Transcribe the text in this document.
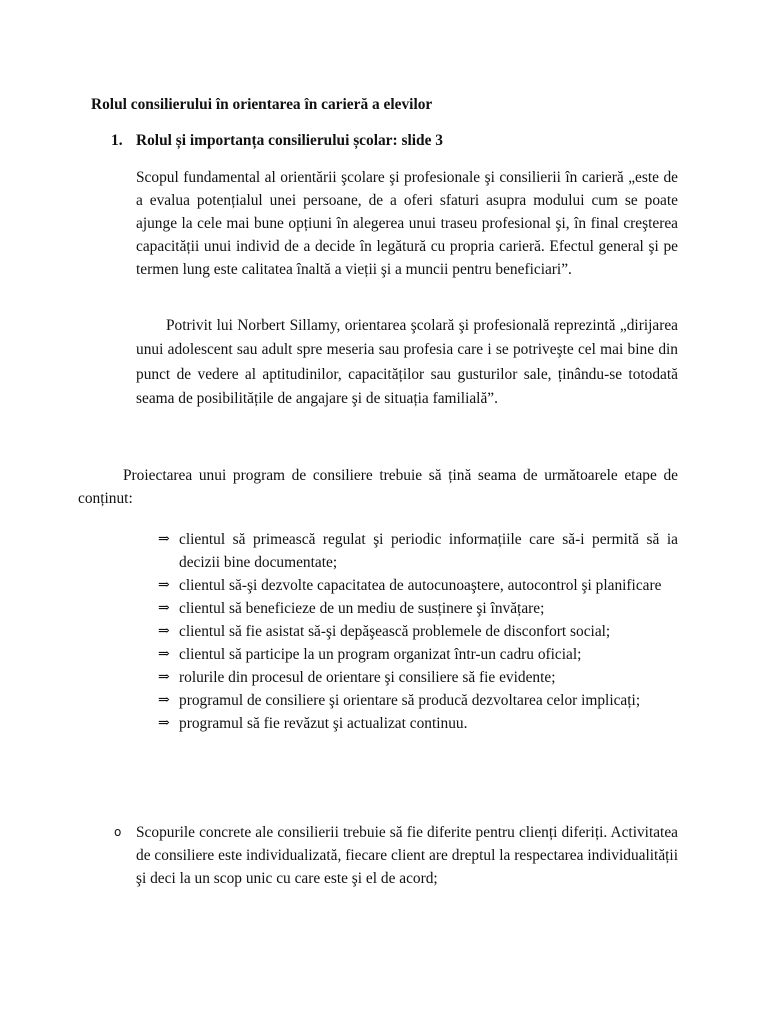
Rolul consilierului în orientarea în carieră a elevilor
1. Rolul și importanța consilierului școlar: slide 3
Scopul fundamental al orientării şcolare şi profesionale şi consilierii în carieră „este de a evalua potențialul unei persoane, de a oferi sfaturi asupra modului cum se poate ajunge la cele mai bune opțiuni în alegerea unui traseu profesional şi, în final creşterea capacității unui individ de a decide în legătură cu propria carieră. Efectul general şi pe termen lung este calitatea înaltă a vieții şi a muncii pentru beneficiari”.
Potrivit lui Norbert Sillamy, orientarea şcolară şi profesională reprezintă „dirijarea unui adolescent sau adult spre meseria sau profesia care i se potriveşte cel mai bine din punct de vedere al aptitudinilor, capacităților sau gusturilor sale, ținându-se totodată seama de posibilitățile de angajare şi de situația familială”.
Proiectarea unui program de consiliere trebuie să țină seama de următoarele etape de conținut:
⇒ clientul să primească regulat şi periodic informațiile care să-i permită să ia decizii bine documentate;
⇒ clientul să-şi dezvolte capacitatea de autocunoaştere, autocontrol şi planificare
⇒ clientul să beneficieze de un mediu de susținere şi învățare;
⇒ clientul să fie asistat să-şi depăşească problemele de disconfort social;
⇒ clientul să participe la un program organizat într-un cadru oficial;
⇒ rolurile din procesul de orientare şi consiliere să fie evidente;
⇒ programul de consiliere şi orientare să producă dezvoltarea celor implicați;
⇒ programul să fie revăzut şi actualizat continuu.
o Scopurile concrete ale consilierii trebuie să fie diferite pentru clienți diferiți. Activitatea de consiliere este individualizată, fiecare client are dreptul la respectarea individualității şi deci la un scop unic cu care este şi el de acord;
